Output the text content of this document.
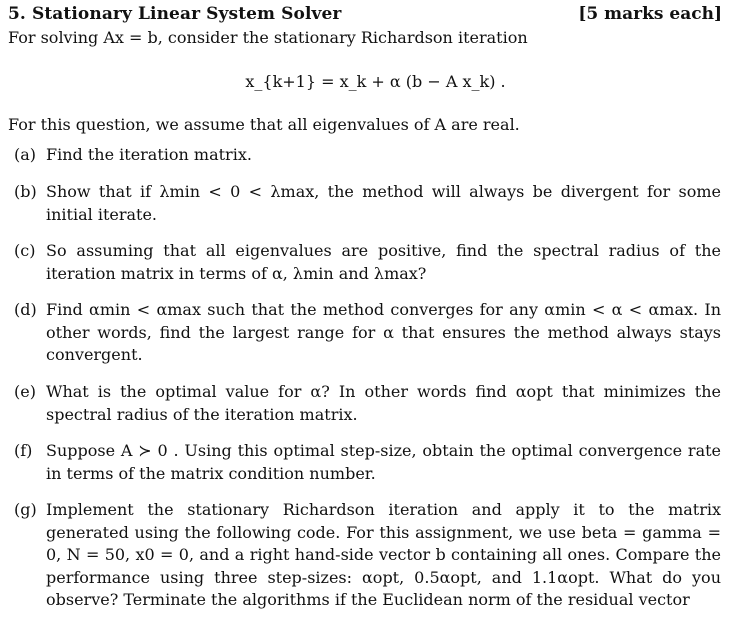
5. Stationary Linear System Solver	[5 marks each]
For solving Ax = b, consider the stationary Richardson iteration
x_{k+1} = x_k + α (b − A x_k) .
For this question, we assume that all eigenvalues of A are real.
(a) Find the iteration matrix.
(b) Show that if λmin < 0 < λmax, the method will always be divergent for some initial iterate.
(c) So assuming that all eigenvalues are positive, find the spectral radius of the iteration matrix in terms of α, λmin and λmax?
(d) Find αmin < αmax such that the method converges for any αmin < α < αmax. In other words, find the largest range for α that ensures the method always stays convergent.
(e) What is the optimal value for α? In other words find αopt that minimizes the spectral radius of the iteration matrix.
(f) Suppose A ≻ 0 . Using this optimal step-size, obtain the optimal convergence rate in terms of the matrix condition number.
(g) Implement the stationary Richardson iteration and apply it to the matrix generated using the following code. For this assignment, we use beta = gamma = 0, N = 50, x0 = 0, and a right hand-side vector b containing all ones. Compare the performance using three step-sizes: αopt, 0.5αopt, and 1.1αopt. What do you observe? Terminate the algorithms if the Euclidean norm of the residual vector
